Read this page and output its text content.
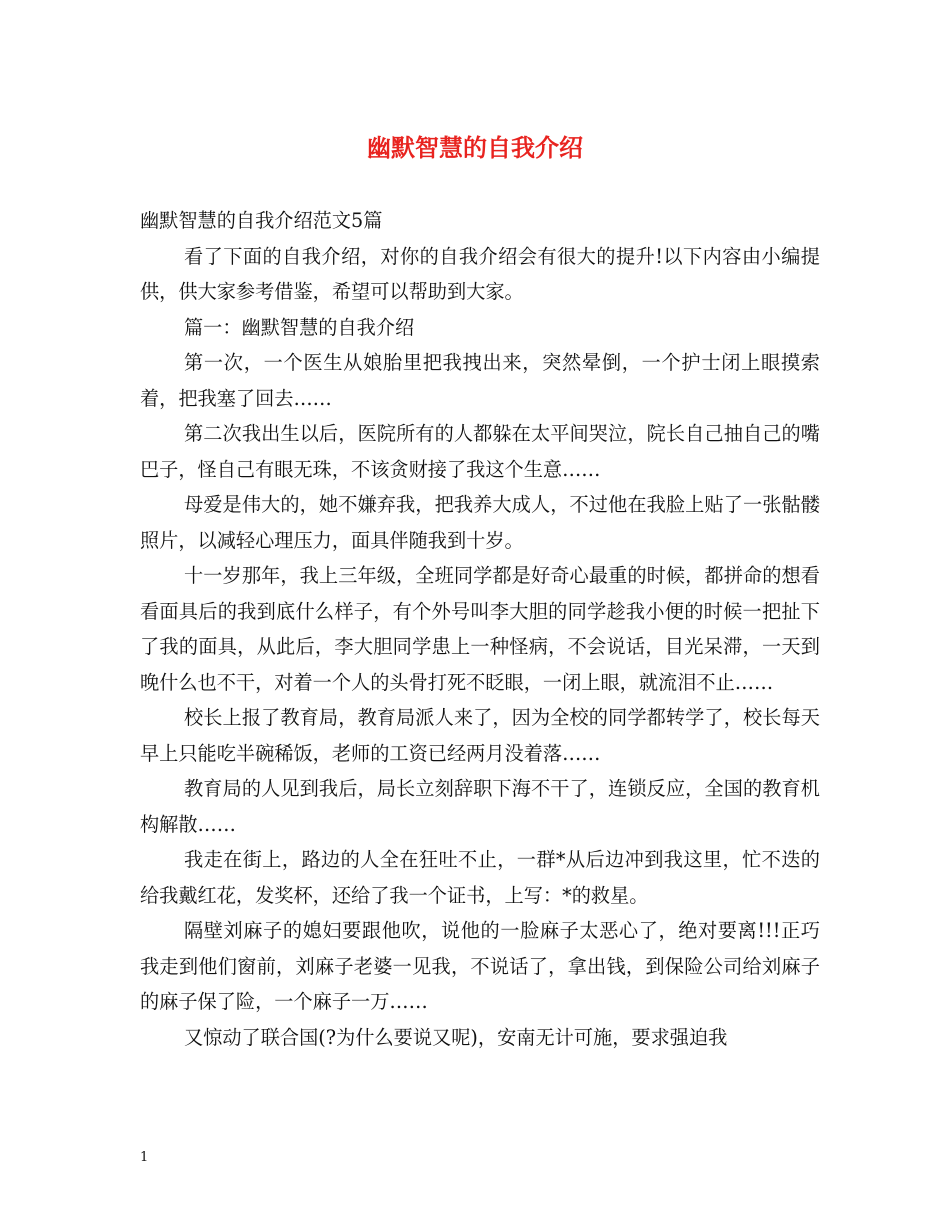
幽默智慧的自我介绍

幽默智慧的自我介绍范文5篇

看了下面的自我介绍，对你的自我介绍会有很大的提升!以下内容由小编提供，供大家参考借鉴，希望可以帮助到大家。

篇一：幽默智慧的自我介绍

第一次，一个医生从娘胎里把我拽出来，突然晕倒，一个护士闭上眼摸索着，把我塞了回去……

第二次我出生以后，医院所有的人都躲在太平间哭泣，院长自己抽自己的嘴巴子，怪自己有眼无珠，不该贪财接了我这个生意……

母爱是伟大的，她不嫌弃我，把我养大成人，不过他在我脸上贴了一张骷髅照片，以减轻心理压力，面具伴随我到十岁。

十一岁那年，我上三年级，全班同学都是好奇心最重的时候，都拼命的想看看面具后的我到底什么样子，有个外号叫李大胆的同学趁我小便的时候一把扯下了我的面具，从此后，李大胆同学患上一种怪病，不会说话，目光呆滞，一天到晚什么也不干，对着一个人的头骨打死不眨眼，一闭上眼，就流泪不止……

校长上报了教育局，教育局派人来了，因为全校的同学都转学了，校长每天早上只能吃半碗稀饭，老师的工资已经两月没着落……

教育局的人见到我后，局长立刻辞职下海不干了，连锁反应，全国的教育机构解散……

我走在街上，路边的人全在狂吐不止，一群*从后边冲到我这里，忙不迭的给我戴红花，发奖杯，还给了我一个证书，上写：*的救星。

隔壁刘麻子的媳妇要跟他吹，说他的一脸麻子太恶心了，绝对要离!!!正巧我走到他们窗前，刘麻子老婆一见我，不说话了，拿出钱，到保险公司给刘麻子的麻子保了险，一个麻子一万……

又惊动了联合国(?为什么要说又呢)，安南无计可施，要求强迫我

1
